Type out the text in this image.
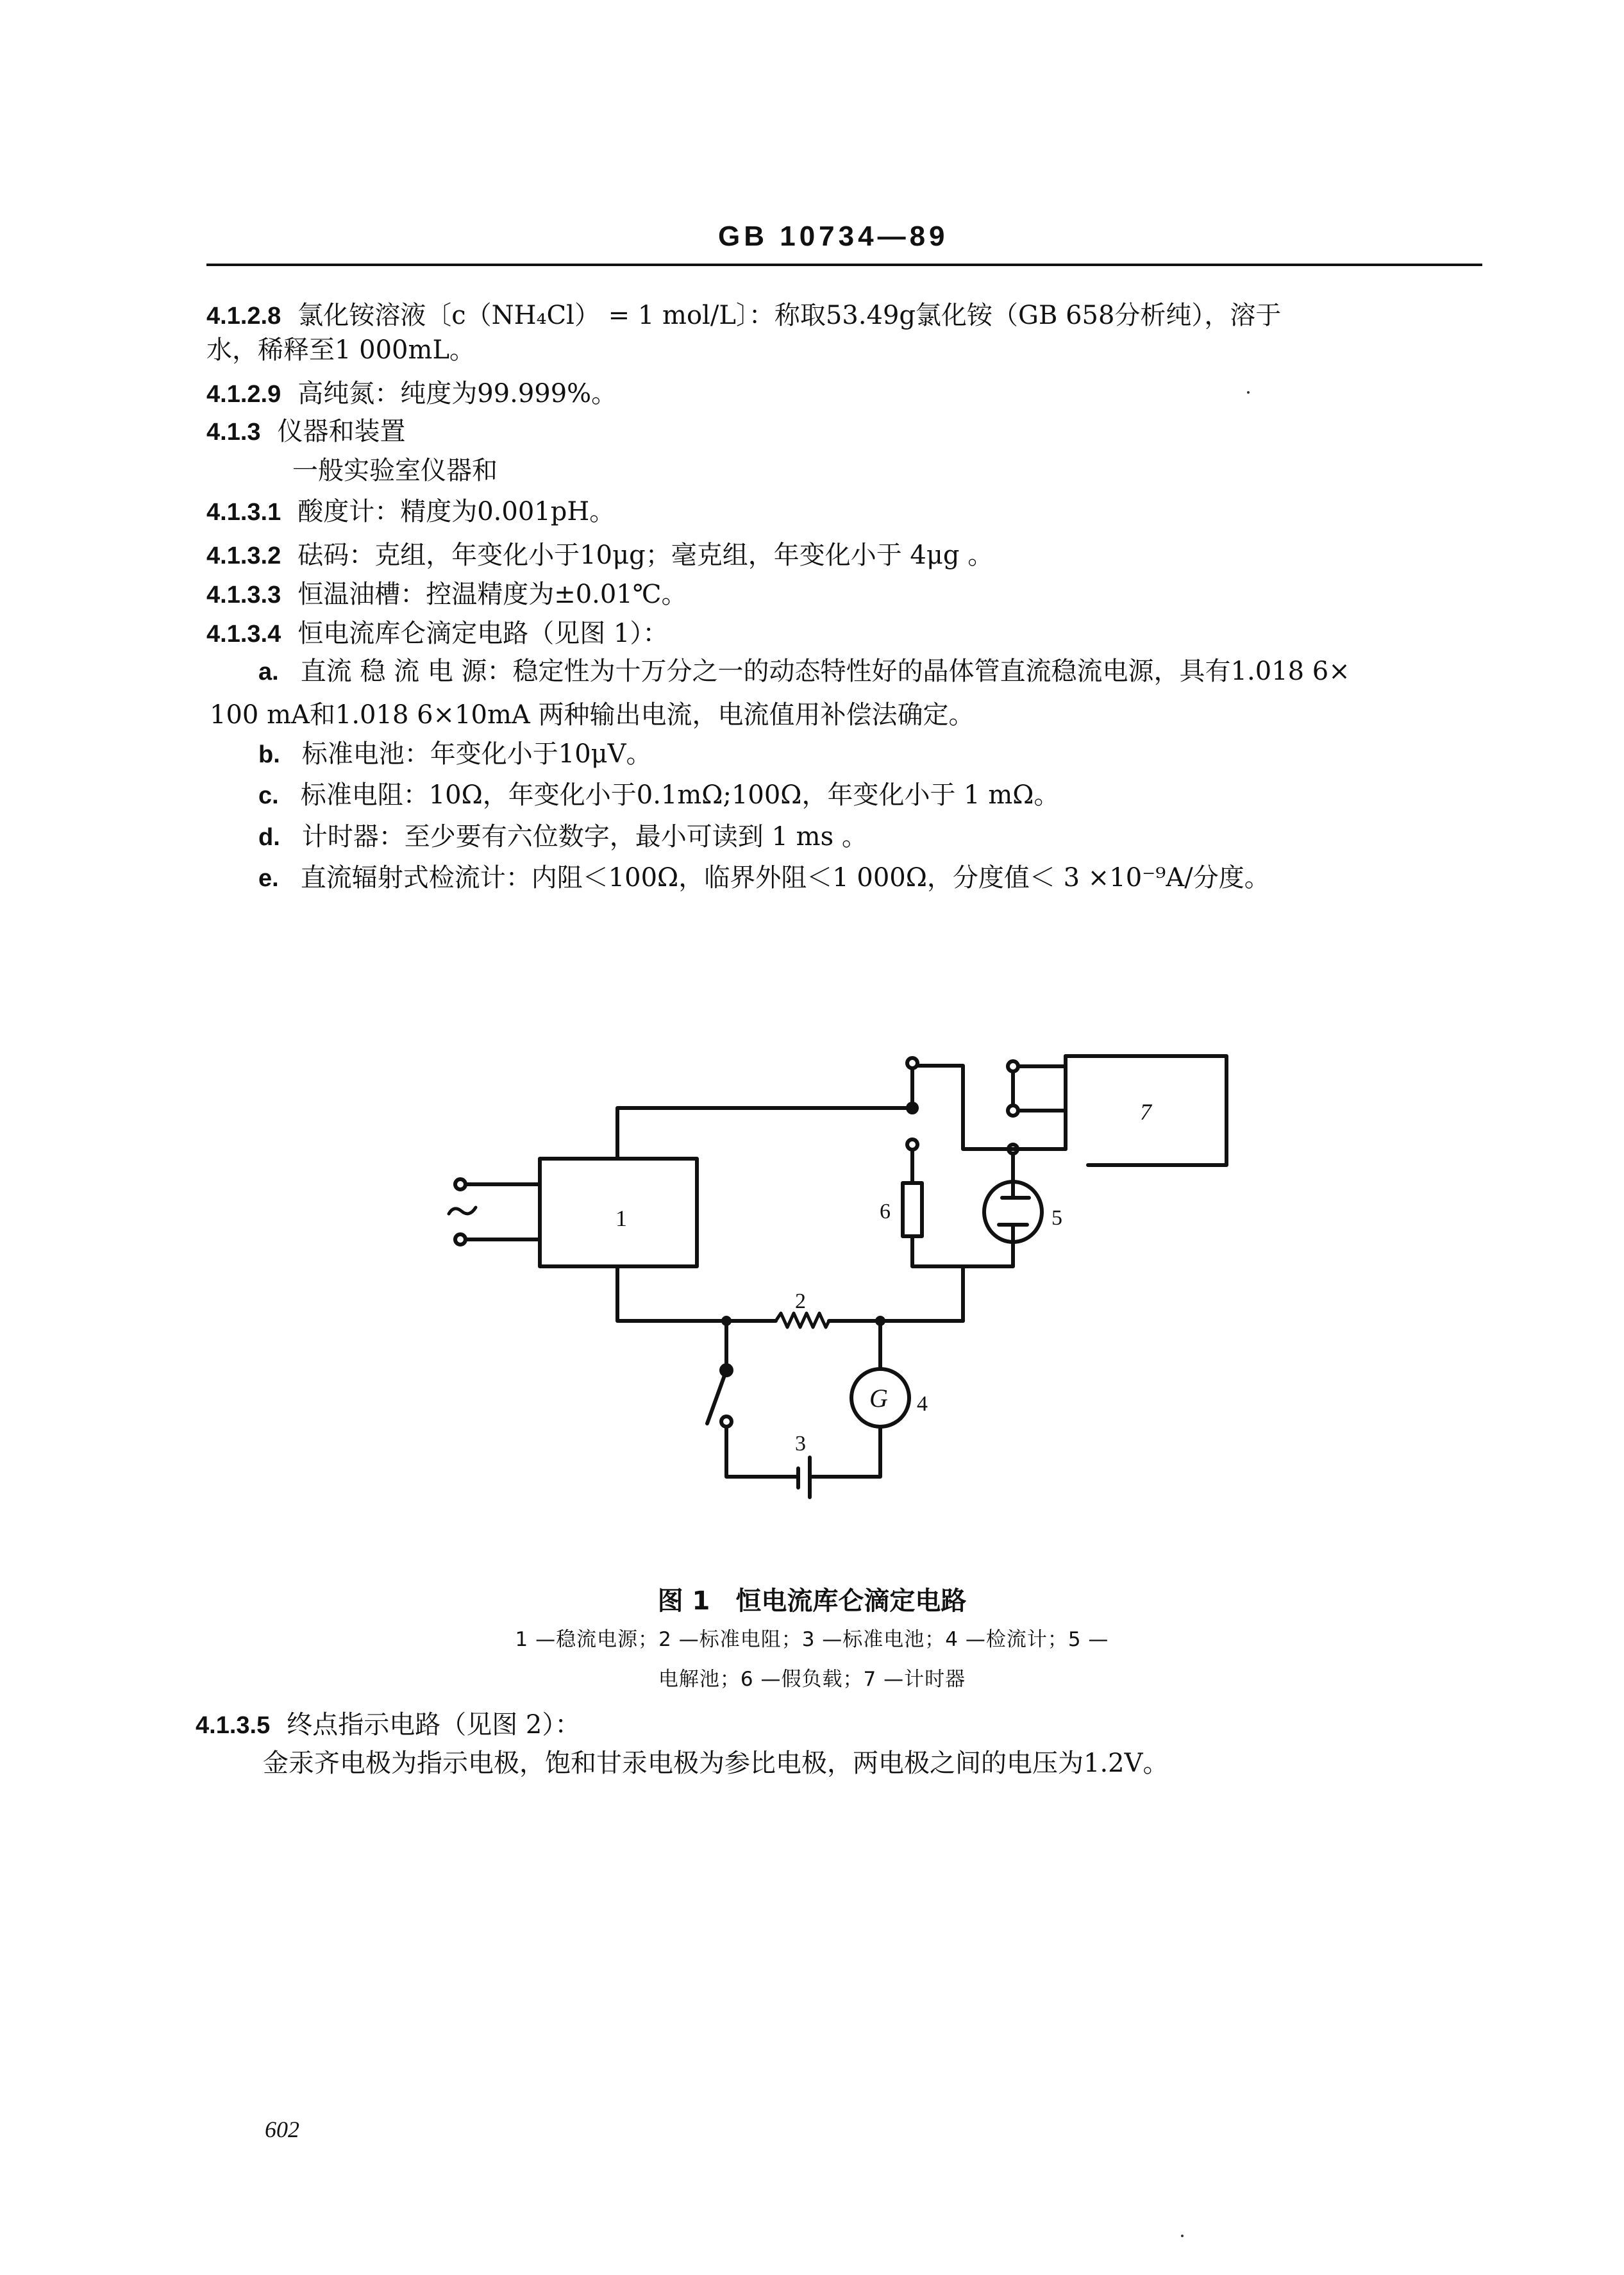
GB 10734—89
4.1.2.8 氯化铵溶液〔c（NH₄Cl） = 1 mol/L〕：称取53.49g氯化铵（GB 658分析纯），溶于
水，稀释至1 000mL。
4.1.2.9 高纯氮：纯度为99.999%。
4.1.3 仪器和装置
一般实验室仪器和
4.1.3.1 酸度计：精度为0.001pH。
4.1.3.2 砝码：克组，年变化小于10μg；毫克组，年变化小于 4μg 。
4.1.3.3 恒温油槽：控温精度为±0.01℃。
4.1.3.4 恒电流库仑滴定电路（见图 1）：
a. 直流 稳 流 电 源：稳定性为十万分之一的动态特性好的晶体管直流稳流电源，具有1.018 6×
100 mA和1.018 6×10mA 两种输出电流，电流值用补偿法确定。
b. 标准电池：年变化小于10μV。
c. 标准电阻：10Ω，年变化小于0.1mΩ;100Ω，年变化小于 1 mΩ。
d. 计时器：至少要有六位数字，最小可读到 1 ms 。
e. 直流辐射式检流计：内阻＜100Ω，临界外阻＜1 000Ω，分度值＜ 3 ×10⁻⁹A/分度。
1
2
3
G 4
5
6
7
图 1　恒电流库仑滴定电路
1 —稳流电源；2 —标准电阻；3 —标准电池；4 —检流计；5 —
电解池；6 —假负载；7 —计时器
4.1.3.5 终点指示电路（见图 2）：
金汞齐电极为指示电极，饱和甘汞电极为参比电极，两电极之间的电压为1.2V。
602
